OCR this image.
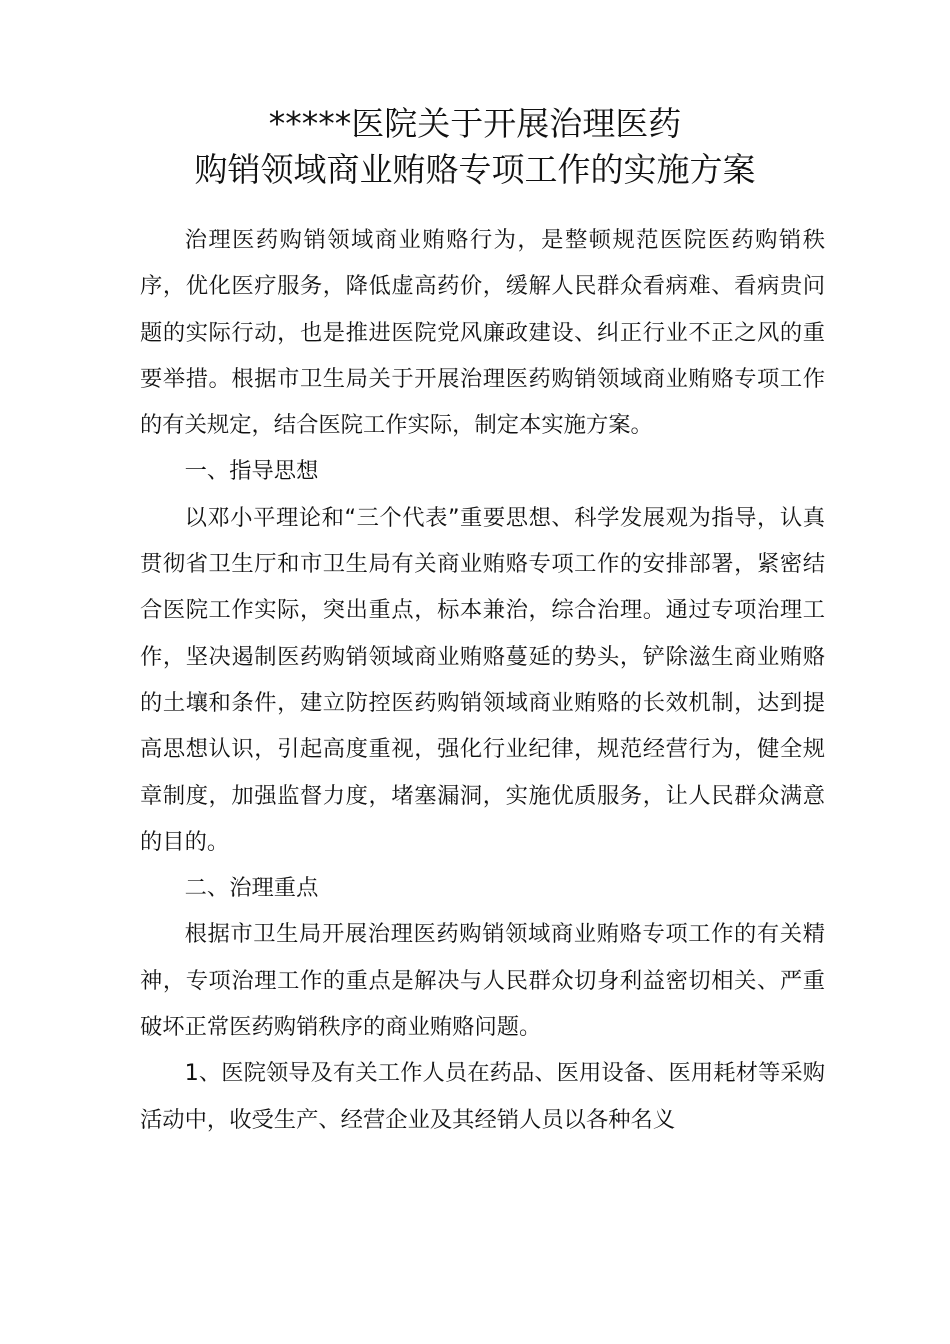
*****医院关于开展治理医药
购销领域商业贿赂专项工作的实施方案

治理医药购销领域商业贿赂行为，是整顿规范医院医药购销秩序，优化医疗服务，降低虚高药价，缓解人民群众看病难、看病贵问题的实际行动，也是推进医院党风廉政建设、纠正行业不正之风的重要举措。根据市卫生局关于开展治理医药购销领域商业贿赂专项工作的有关规定，结合医院工作实际，制定本实施方案。

一、指导思想

以邓小平理论和“三个代表”重要思想、科学发展观为指导，认真贯彻省卫生厅和市卫生局有关商业贿赂专项工作的安排部署，紧密结合医院工作实际，突出重点，标本兼治，综合治理。通过专项治理工作，坚决遏制医药购销领域商业贿赂蔓延的势头，铲除滋生商业贿赂的土壤和条件，建立防控医药购销领域商业贿赂的长效机制，达到提高思想认识，引起高度重视，强化行业纪律，规范经营行为，健全规章制度，加强监督力度，堵塞漏洞，实施优质服务，让人民群众满意的目的。

二、治理重点

根据市卫生局开展治理医药购销领域商业贿赂专项工作的有关精神，专项治理工作的重点是解决与人民群众切身利益密切相关、严重破坏正常医药购销秩序的商业贿赂问题。

1、医院领导及有关工作人员在药品、医用设备、医用耗材等采购活动中，收受生产、经营企业及其经销人员以各种名义
